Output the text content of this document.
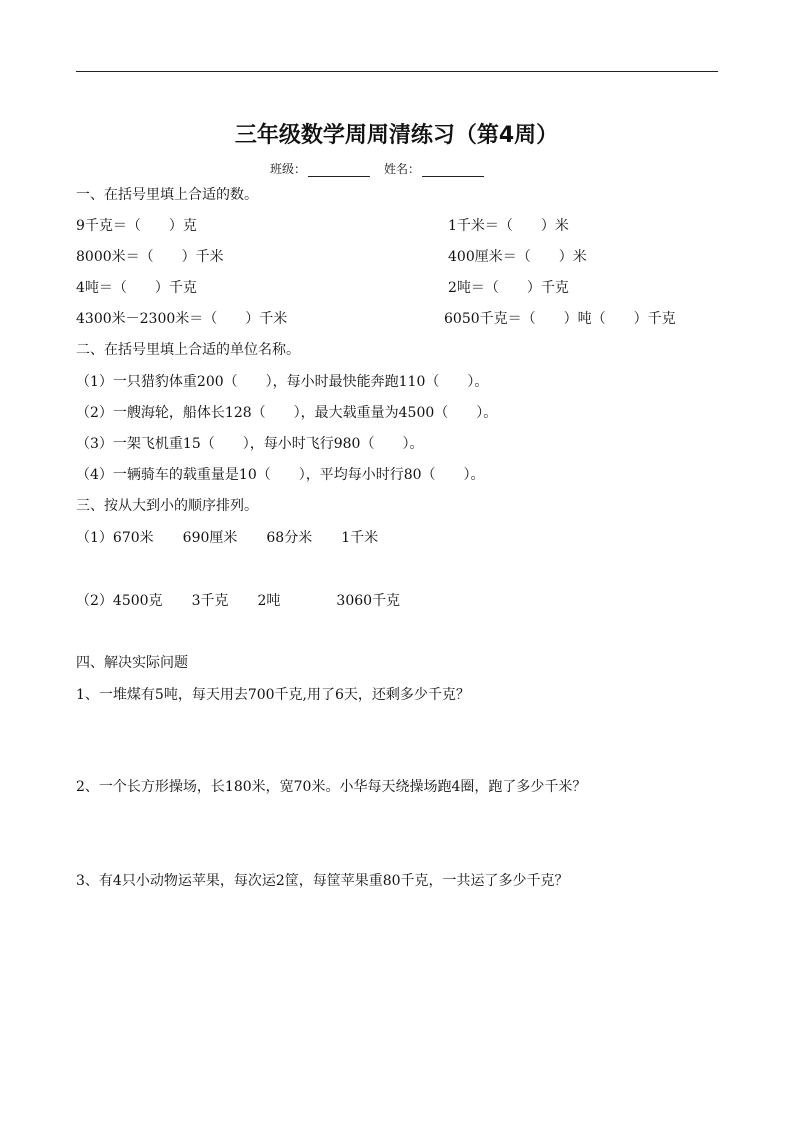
三年级数学周周清练习（第4周）
班级：	姓名：
一、在括号里填上合适的数。
9千克＝（　　）克	1千米＝（　　）米
8000米＝（　　）千米	400厘米＝（　　）米
4吨＝（　　）千克	2吨＝（　　）千克
4300米－2300米＝（　　）千米	6050千克＝（　　）吨（　　）千克
二、在括号里填上合适的单位名称。
（1）一只猎豹体重200（　　），每小时最快能奔跑110（　　）。
（2）一艘海轮，船体长128（　　），最大载重量为4500（　　）。
（3）一架飞机重15（　　），每小时飞行980（　　）。
（4）一辆骑车的载重量是10（　　），平均每小时行80（　　）。
三、按从大到小的顺序排列。
（1）670米 690厘米 68分米 1千米
（2）4500克 3千克 2吨	3060千克
四、解决实际问题
1、一堆煤有5吨，每天用去700千克,用了6天，还剩多少千克？
2、一个长方形操场，长180米，宽70米。小华每天绕操场跑4圈，跑了多少千米？
3、有4只小动物运苹果，每次运2筐，每筐苹果重80千克，一共运了多少千克？
